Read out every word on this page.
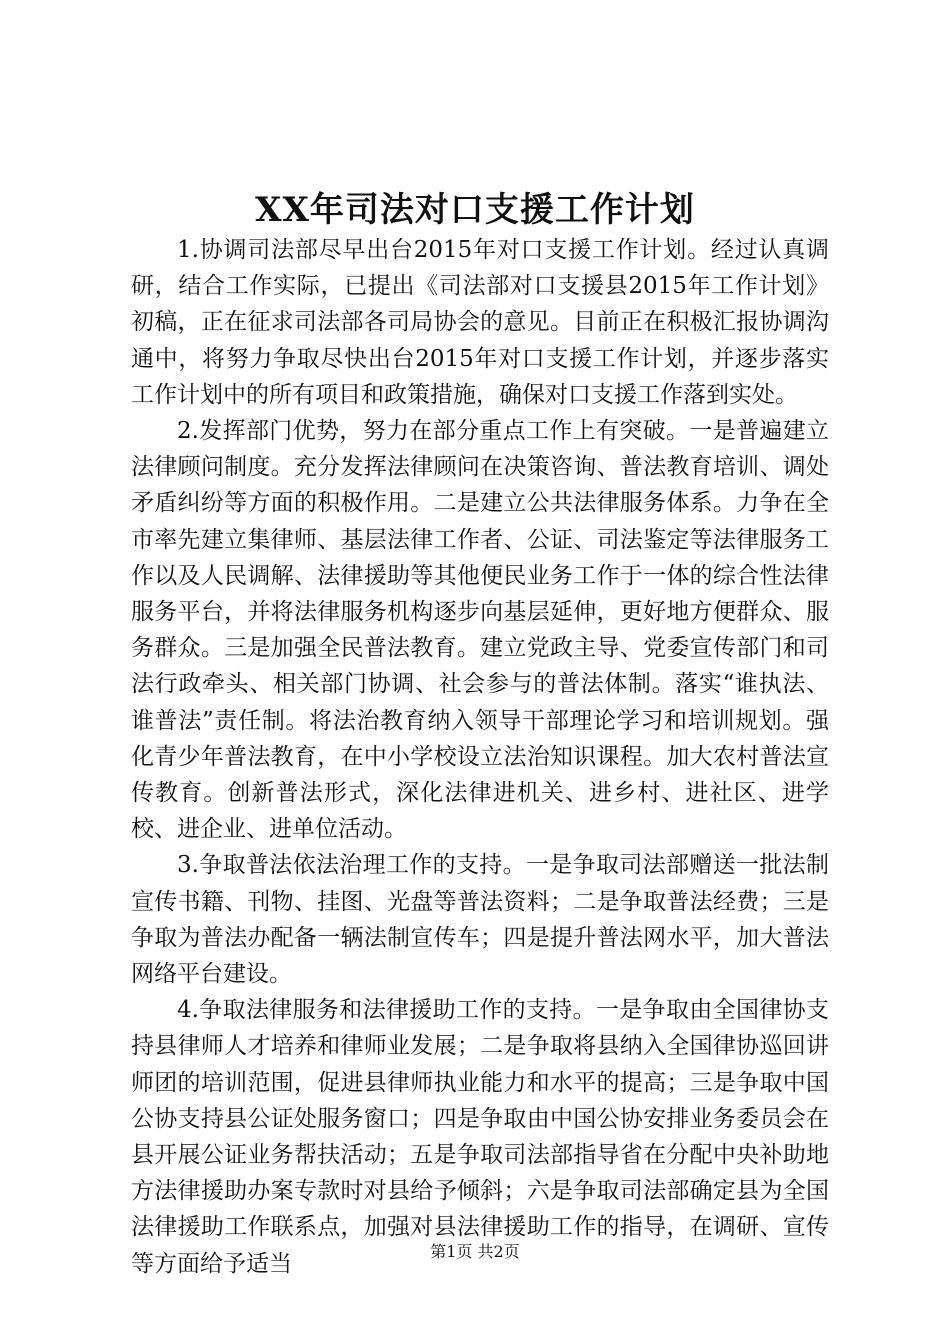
XX年司法对口支援工作计划

1.协调司法部尽早出台2015年对口支援工作计划。经过认真调研，结合工作实际，已提出《司法部对口支援县2015年工作计划》初稿，正在征求司法部各司局协会的意见。目前正在积极汇报协调沟通中，将努力争取尽快出台2015年对口支援工作计划，并逐步落实工作计划中的所有项目和政策措施，确保对口支援工作落到实处。

2.发挥部门优势，努力在部分重点工作上有突破。一是普遍建立法律顾问制度。充分发挥法律顾问在决策咨询、普法教育培训、调处矛盾纠纷等方面的积极作用。二是建立公共法律服务体系。力争在全市率先建立集律师、基层法律工作者、公证、司法鉴定等法律服务工作以及人民调解、法律援助等其他便民业务工作于一体的综合性法律服务平台，并将法律服务机构逐步向基层延伸，更好地方便群众、服务群众。三是加强全民普法教育。建立党政主导、党委宣传部门和司法行政牵头、相关部门协调、社会参与的普法体制。落实“谁执法、谁普法”责任制。将法治教育纳入领导干部理论学习和培训规划。强化青少年普法教育，在中小学校设立法治知识课程。加大农村普法宣传教育。创新普法形式，深化法律进机关、进乡村、进社区、进学校、进企业、进单位活动。

3.争取普法依法治理工作的支持。一是争取司法部赠送一批法制宣传书籍、刊物、挂图、光盘等普法资料；二是争取普法经费；三是争取为普法办配备一辆法制宣传车；四是提升普法网水平，加大普法网络平台建设。

4.争取法律服务和法律援助工作的支持。一是争取由全国律协支持县律师人才培养和律师业发展；二是争取将县纳入全国律协巡回讲师团的培训范围，促进县律师执业能力和水平的提高；三是争取中国公协支持县公证处服务窗口；四是争取由中国公协安排业务委员会在县开展公证业务帮扶活动；五是争取司法部指导省在分配中央补助地方法律援助办案专款时对县给予倾斜；六是争取司法部确定县为全国法律援助工作联系点，加强对县法律援助工作的指导，在调研、宣传等方面给予适当	第1页 共2页
